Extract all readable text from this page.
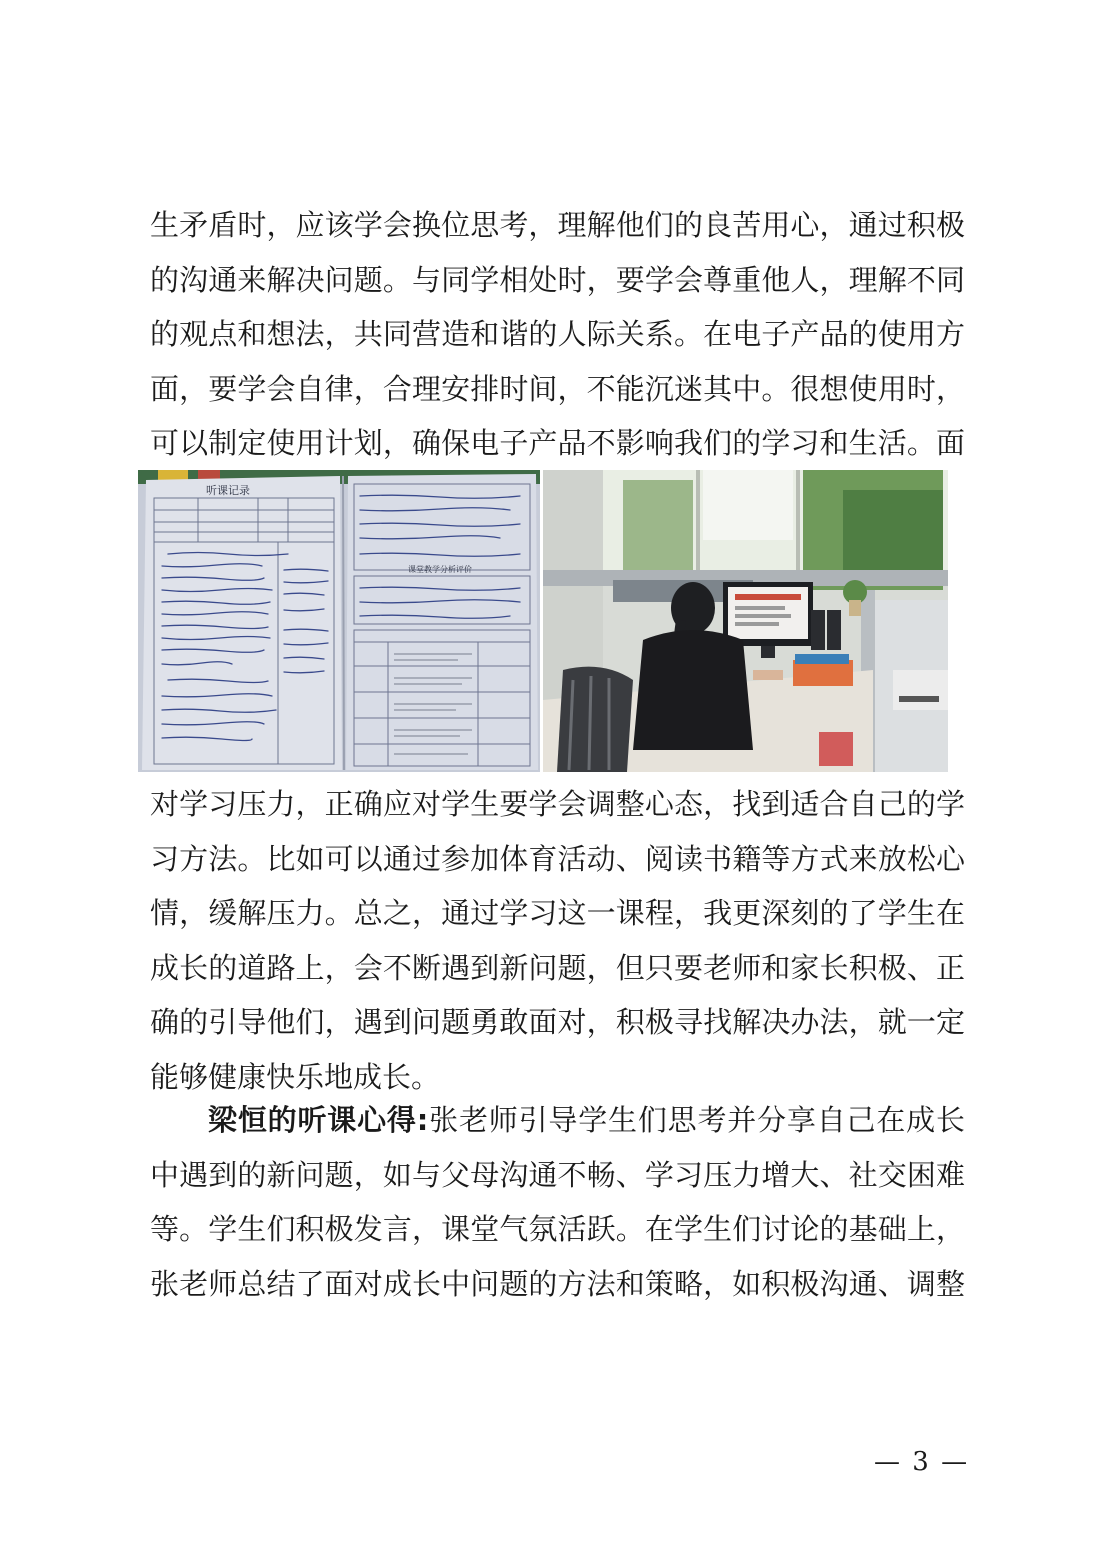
生矛盾时，应该学会换位思考，理解他们的良苦用心，通过积极
的沟通来解决问题。与同学相处时，要学会尊重他人，理解不同
的观点和想法，共同营造和谐的人际关系。在电子产品的使用方
面，要学会自律，合理安排时间，不能沉迷其中。很想使用时，
可以制定使用计划，确保电子产品不影响我们的学习和生活。面
听课记录
课堂教学分析评价
对学习压力，正确应对学生要学会调整心态，找到适合自己的学
习方法。比如可以通过参加体育活动、阅读书籍等方式来放松心
情，缓解压力。总之，通过学习这一课程，我更深刻的了学生在
成长的道路上，会不断遇到新问题，但只要老师和家长积极、正
确的引导他们，遇到问题勇敢面对，积极寻找解决办法，就一定
能够健康快乐地成长。
梁恒的听课心得:张老师引导学生们思考并分享自己在成长
中遇到的新问题，如与父母沟通不畅、学习压力增大、社交困难
等。学生们积极发言，课堂气氛活跃。在学生们讨论的基础上，
张老师总结了面对成长中问题的方法和策略，如积极沟通、调整
— 3 —
